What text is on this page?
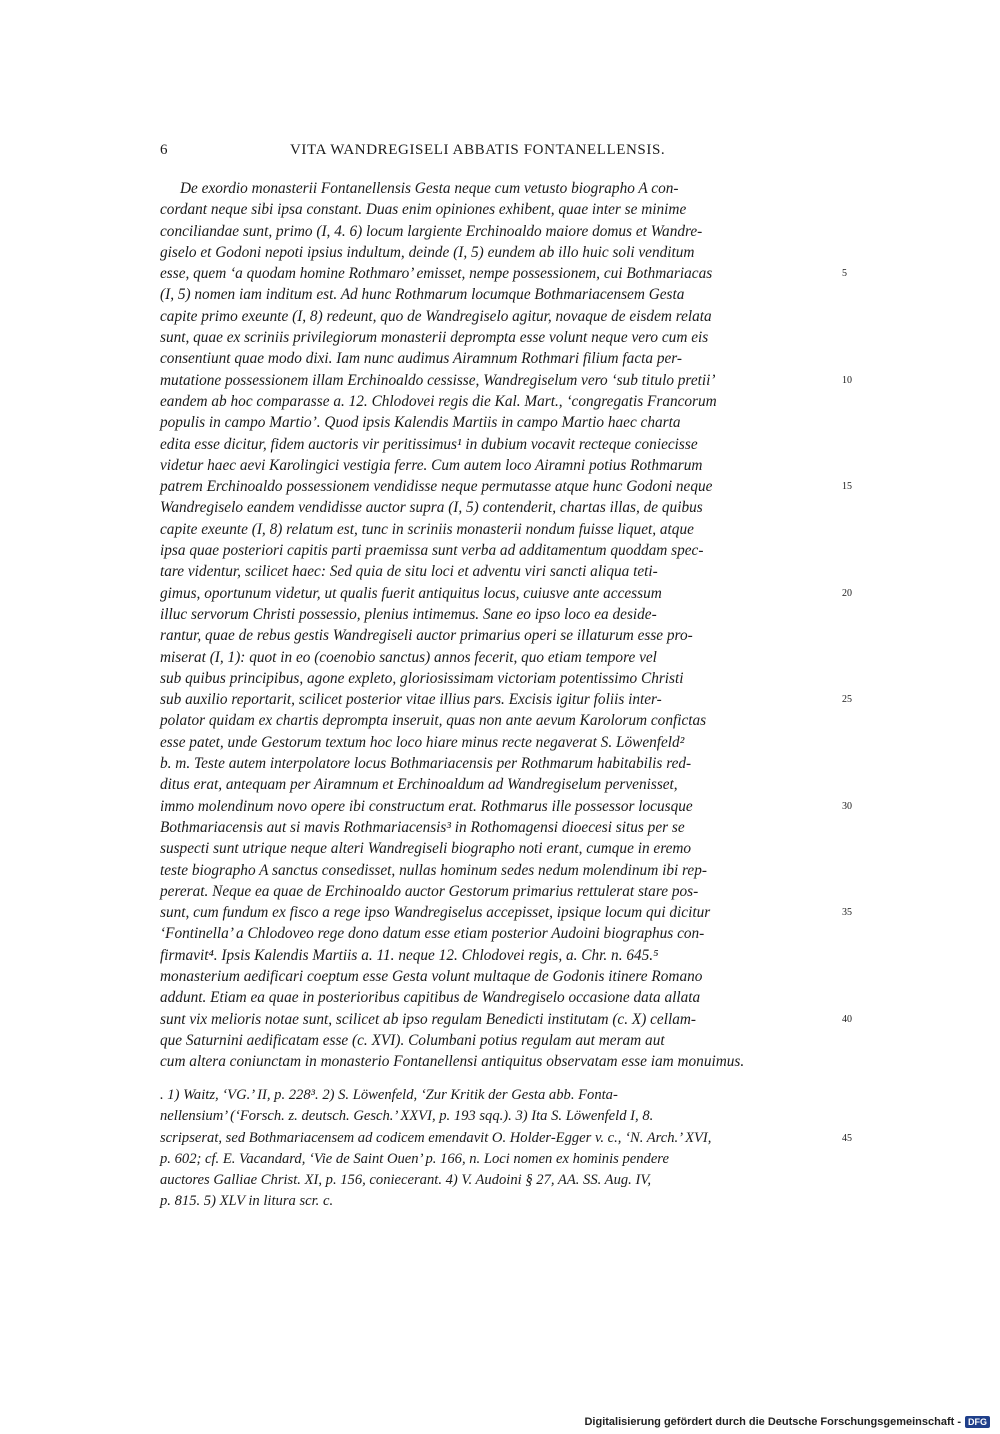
6	VITA WANDREGISELI ABBATIS FONTANELLENSIS.
De exordio monasterii Fontanellensis Gesta neque cum vetusto biographo A con-
cordant neque sibi ipsa constant. Duas enim opiniones exhibent, quae inter se minime
conciliandae sunt, primo (I, 4. 6) locum largiente Erchinoaldo maiore domus et Wandre-
giselo et Godoni nepoti ipsius indultum, deinde (I, 5) eundem ab illo huic soli venditum
esse, quem ‘a quodam homine Rothmaro’ emisset, nempe possessionem, cui Bothmariacas	5
(I, 5) nomen iam inditum est. Ad hunc Rothmarum locumque Bothmariacensem Gesta
capite primo exeunte (I, 8) redeunt, quo de Wandregiselo agitur, novaque de eisdem relata
sunt, quae ex scriniis privilegiorum monasterii deprompta esse volunt neque vero cum eis
consentiunt quae modo dixi. Iam nunc audimus Airamnum Rothmari filium facta per-
mutatione possessionem illam Erchinoaldo cessisse, Wandregiselum vero ‘sub titulo pretii’	10
eandem ab hoc comparasse a. 12. Chlodovei regis die Kal. Mart., ‘congregatis Francorum
populis in campo Martio’. Quod ipsis Kalendis Martiis in campo Martio haec charta
edita esse dicitur, fidem auctoris vir peritissimus¹ in dubium vocavit recteque coniecisse
videtur haec aevi Karolingici vestigia ferre. Cum autem loco Airamni potius Rothmarum
patrem Erchinoaldo possessionem vendidisse neque permutasse atque hunc Godoni neque	15
Wandregiselo eandem vendidisse auctor supra (I, 5) contenderit, chartas illas, de quibus
capite exeunte (I, 8) relatum est, tunc in scriniis monasterii nondum fuisse liquet, atque
ipsa quae posteriori capitis parti praemissa sunt verba ad additamentum quoddam spec-
tare videntur, scilicet haec: Sed quia de situ loci et adventu viri sancti aliqua teti-
gimus, oportunum videtur, ut qualis fuerit antiquitus locus, cuiusve ante accessum	20
illuc servorum Christi possessio, plenius intimemus. Sane eo ipso loco ea deside-
rantur, quae de rebus gestis Wandregiseli auctor primarius operi se illaturum esse pro-
miserat (I, 1): quot in eo (coenobio sanctus) annos fecerit, quo etiam tempore vel
sub quibus principibus, agone expleto, gloriosissimam victoriam potentissimo Christi
sub auxilio reportarit, scilicet posterior vitae illius pars. Excisis igitur foliis inter-	25
polator quidam ex chartis deprompta inseruit, quas non ante aevum Karolorum confictas
esse patet, unde Gestorum textum hoc loco hiare minus recte negaverat S. Löwenfeld²
b. m. Teste autem interpolatore locus Bothmariacensis per Rothmarum habitabilis red-
ditus erat, antequam per Airamnum et Erchinoaldum ad Wandregiselum pervenisset,
immo molendinum novo opere ibi constructum erat. Rothmarus ille possessor locusque	30
Bothmariacensis aut si mavis Rothmariacensis³ in Rothomagensi dioecesi situs per se
suspecti sunt utrique neque alteri Wandregiseli biographo noti erant, cumque in eremo
teste biographo A sanctus consedisset, nullas hominum sedes nedum molendinum ibi rep-
pererat. Neque ea quae de Erchinoaldo auctor Gestorum primarius rettulerat stare pos-
sunt, cum fundum ex fisco a rege ipso Wandregiselus accepisset, ipsique locum qui dicitur	35
‘Fontinella’ a Chlodoveo rege dono datum esse etiam posterior Audoini biographus con-
firmavit⁴. Ipsis Kalendis Martiis a. 11. neque 12. Chlodovei regis, a. Chr. n. 645.⁵
monasterium aedificari coeptum esse Gesta volunt multaque de Godonis itinere Romano
addunt. Etiam ea quae in posterioribus capitibus de Wandregiselo occasione data allata
sunt vix melioris notae sunt, scilicet ab ipso regulam Benedicti institutam (c. X) cellam-	40
que Saturnini aedificatam esse (c. XVI). Columbani potius regulam aut meram aut
cum altera coniunctam in monasterio Fontanellensi antiquitus observatam esse iam monuimus.
. 1) Waitz, ‘VG.’ II, p. 228³. 2) S. Löwenfeld, ‘Zur Kritik der Gesta abb. Fonta-
nellensium’ (‘Forsch. z. deutsch. Gesch.’ XXVI, p. 193 sqq.). 3) Ita S. Löwenfeld I, 8.
scripserat, sed Bothmariacensem ad codicem emendavit O. Holder-Egger v. c., ‘N. Arch.’ XVI,	45
p. 602; cf. E. Vacandard, ‘Vie de Saint Ouen’ p. 166, n. Loci nomen ex hominis pendere
auctores Galliae Christ. XI, p. 156, coniecerant. 4) V. Audoini § 27, AA. SS. Aug. IV,
p. 815. 5) XLV in litura scr. c.
Digitalisierung gefördert durch die Deutsche Forschungsgemeinschaft - DFG
